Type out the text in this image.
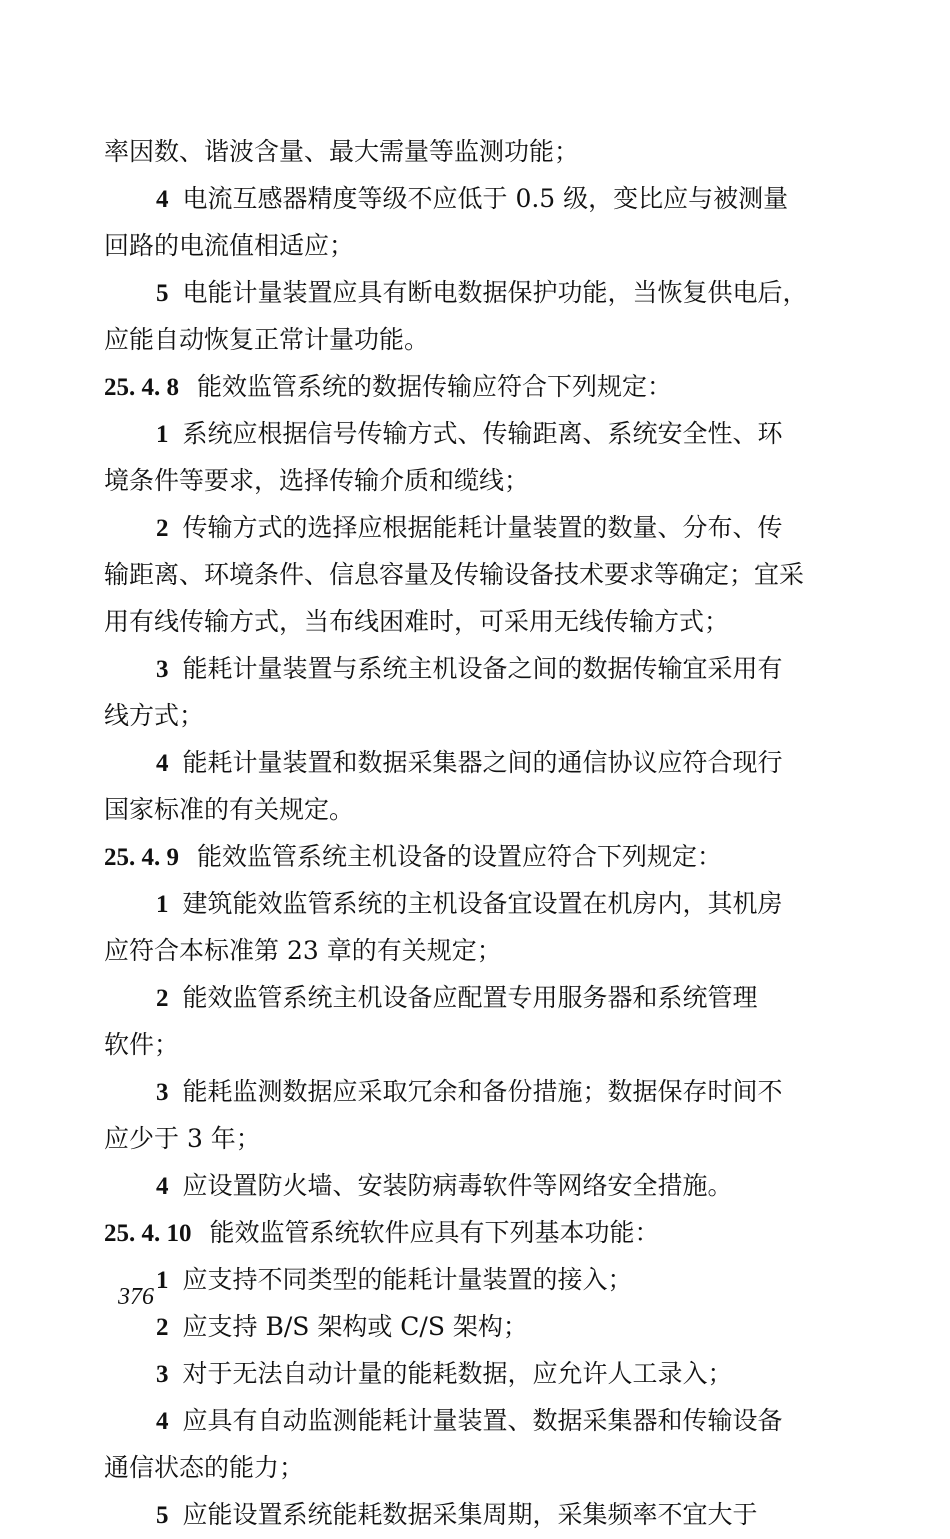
率因数、谐波含量、最大需量等监测功能；
4 电流互感器精度等级不应低于 0.5 级，变比应与被测量
回路的电流值相适应；
5 电能计量装置应具有断电数据保护功能，当恢复供电后，
应能自动恢复正常计量功能。
25. 4. 8 能效监管系统的数据传输应符合下列规定：
1 系统应根据信号传输方式、传输距离、系统安全性、环
境条件等要求，选择传输介质和缆线；
2 传输方式的选择应根据能耗计量装置的数量、分布、传
输距离、环境条件、信息容量及传输设备技术要求等确定；宜采
用有线传输方式，当布线困难时，可采用无线传输方式；
3 能耗计量装置与系统主机设备之间的数据传输宜采用有
线方式；
4 能耗计量装置和数据采集器之间的通信协议应符合现行
国家标准的有关规定。
25. 4. 9 能效监管系统主机设备的设置应符合下列规定：
1 建筑能效监管系统的主机设备宜设置在机房内，其机房
应符合本标准第 23 章的有关规定；
2 能效监管系统主机设备应配置专用服务器和系统管理
软件；
3 能耗监测数据应采取冗余和备份措施；数据保存时间不
应少于 3 年；
4 应设置防火墙、安装防病毒软件等网络安全措施。
25. 4. 10 能效监管系统软件应具有下列基本功能：
1 应支持不同类型的能耗计量装置的接入；
2 应支持 B/S 架构或 C/S 架构；
3 对于无法自动计量的能耗数据，应允许人工录入；
4 应具有自动监测能耗计量装置、数据采集器和传输设备
通信状态的能力；
5 应能设置系统能耗数据采集周期，采集频率不宜大于
376
